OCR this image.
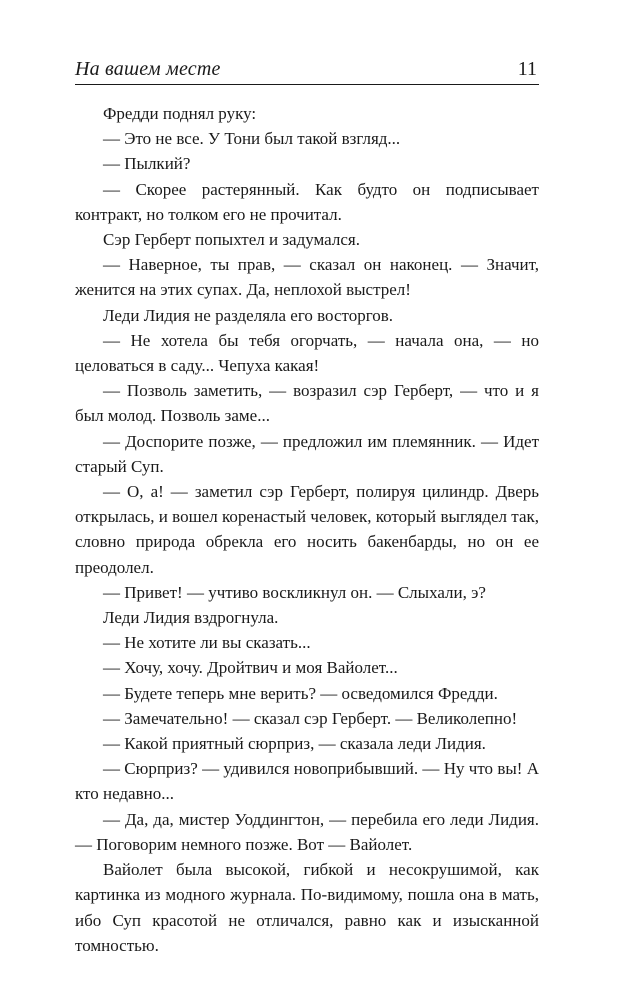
На вашем месте	11

Фредди поднял руку:

— Это не все. У Тони был такой взгляд...

— Пылкий?

— Скорее растерянный. Как будто он подписывает контракт, но толком его не прочитал.

Сэр Герберт попыхтел и задумался.

— Наверное, ты прав, — сказал он наконец. — Значит, женится на этих супах. Да, неплохой выстрел!

Леди Лидия не разделяла его восторгов.

— Не хотела бы тебя огорчать, — начала она, — но целоваться в саду... Чепуха какая!

— Позволь заметить, — возразил сэр Герберт, — что и я был молод. Позволь заме...

— Доспорите позже, — предложил им племянник. — Идет старый Суп.

— О, а! — заметил сэр Герберт, полируя цилиндр. Дверь открылась, и вошел коренастый человек, который выглядел так, словно природа обрекла его носить бакенбарды, но он ее преодолел.

— Привет! — учтиво воскликнул он. — Слыхали, э?

Леди Лидия вздрогнула.

— Не хотите ли вы сказать...

— Хочу, хочу. Дройтвич и моя Вайолет...

— Будете теперь мне верить? — осведомился Фредди.

— Замечательно! — сказал сэр Герберт. — Великолепно!

— Какой приятный сюрприз, — сказала леди Лидия.

— Сюрприз? — удивился новоприбывший. — Ну что вы! А кто недавно...

— Да, да, мистер Уоддингтон, — перебила его леди Лидия. — Поговорим немного позже. Вот — Вайолет.

Вайолет была высокой, гибкой и несокрушимой, как картинка из модного журнала. По-видимому, пошла она в мать, ибо Суп красотой не отличался, равно как и изысканной томностью.
